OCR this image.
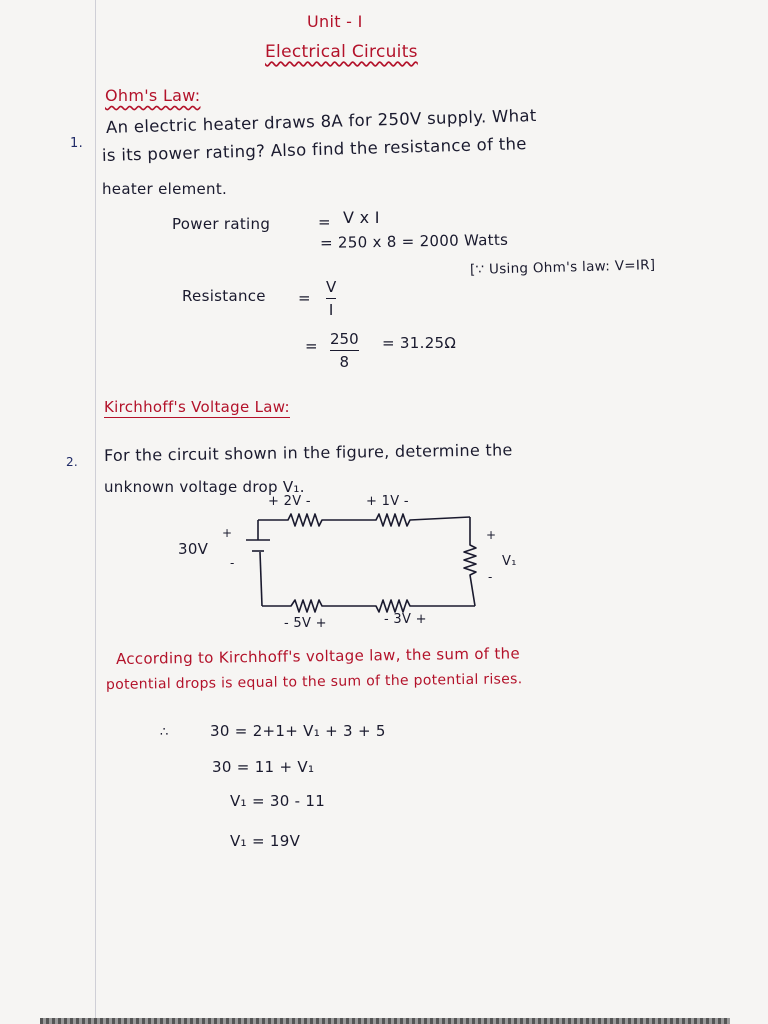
Unit - I
Electrical Circuits
Ohm's Law:
1.
An electric heater draws 8A for 250V supply. What
is its power rating? Also find the resistance of the
heater element.
Power rating	= V x I
= 250 x 8 = 2000 Watts
Resistance =
V
I
[∵ Using Ohm's law: V=IR]
= 250
8
= 31.25Ω
Kirchhoff's Voltage Law:
2. For the circuit shown in the figure, determine the
unknown voltage drop V₁.
+ 2V -	+ 1V -
30V
+
-
+
-
V₁
- 5V +	- 3V +
According to Kirchhoff's voltage law, the sum of the
potential drops is equal to the sum of the potential rises.
∴	30 = 2+1+ V₁ + 3 + 5
30 = 11 + V₁
V₁ = 30 - 11
V₁ = 19V
